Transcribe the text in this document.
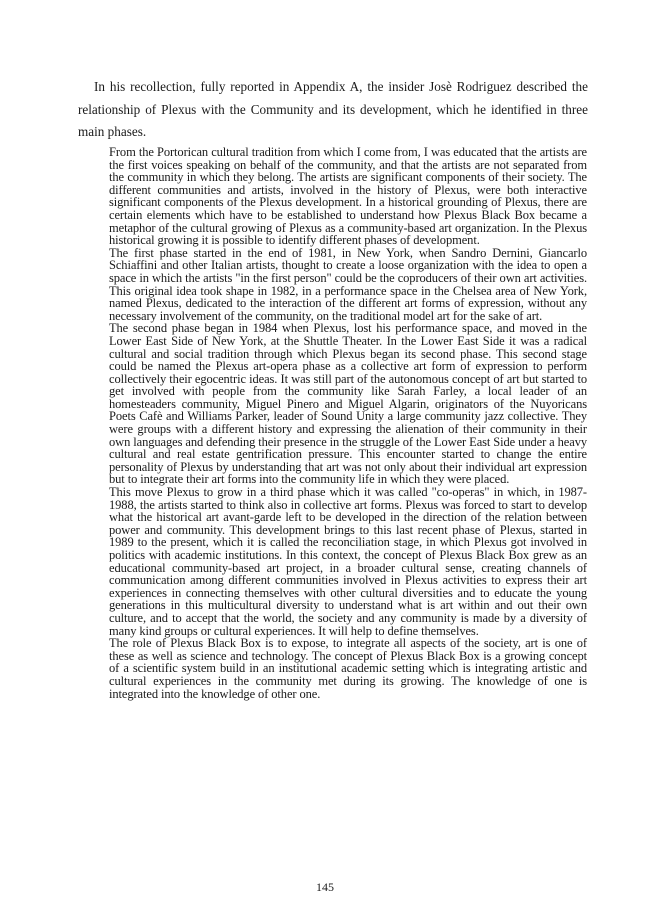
In his recollection, fully reported in Appendix A, the insider Josè Rodriguez described the relationship of Plexus with the Community and its development, which he identified in three main phases.

From the Portorican cultural tradition from which I come from, I was educated that the artists are the first voices speaking on behalf of the community, and that the artists are not separated from the community in which they belong. The artists are significant components of their society. The different communities and artists, involved in the history of Plexus, were both interactive significant components of the Plexus development. In a historical grounding of Plexus, there are certain elements which have to be established to understand how Plexus Black Box became a metaphor of the cultural growing of Plexus as a community-based art organization. In the Plexus historical growing it is possible to identify different phases of development.

The first phase started in the end of 1981, in New York, when Sandro Dernini, Giancarlo Schiaffini and other Italian artists, thought to create a loose organization with the idea to open a space in which the artists "in the first person" could be the coproducers of their own art activities. This original idea took shape in 1982, in a performance space in the Chelsea area of New York, named Plexus, dedicated to the interaction of the different art forms of expression, without any necessary involvement of the community, on the traditional model art for the sake of art.

The second phase began in 1984 when Plexus, lost his performance space, and moved in the Lower East Side of New York, at the Shuttle Theater. In the Lower East Side it was a radical cultural and social tradition through which Plexus began its second phase. This second stage could be named the Plexus art-opera phase as a collective art form of expression to perform collectively their egocentric ideas. It was still part of the autonomous concept of art but started to get involved with people from the community like Sarah Farley, a local leader of an homesteaders community, Miguel Pinero and Miguel Algarin, originators of the Nuyoricans Poets Cafè and Williams Parker, leader of Sound Unity a large community jazz collective. They were groups with a different history and expressing the alienation of their community in their own languages and defending their presence in the struggle of the Lower East Side under a heavy cultural and real estate gentrification pressure. This encounter started to change the entire personality of Plexus by understanding that art was not only about their individual art expression but to integrate their art forms into the community life in which they were placed.

This move Plexus to grow in a third phase which it was called "co-operas" in which, in 1987-1988, the artists started to think also in collective art forms. Plexus was forced to start to develop what the historical art avant-garde left to be developed in the direction of the relation between power and community. This development brings to this last recent phase of Plexus, started in 1989 to the present, which it is called the reconciliation stage, in which Plexus got involved in politics with academic institutions. In this context, the concept of Plexus Black Box grew as an educational community-based art project, in a broader cultural sense, creating channels of communication among different communities involved in Plexus activities to express their art experiences in connecting themselves with other cultural diversities and to educate the young generations in this multicultural diversity to understand what is art within and out their own culture, and to accept that the world, the society and any community is made by a diversity of many kind groups or cultural experiences. It will help to define themselves.

The role of Plexus Black Box is to expose, to integrate all aspects of the society, art is one of these as well as science and technology. The concept of Plexus Black Box is a growing concept of a scientific system build in an institutional academic setting which is integrating artistic and cultural experiences in the community met during its growing. The knowledge of one is integrated into the knowledge of other one.

145
